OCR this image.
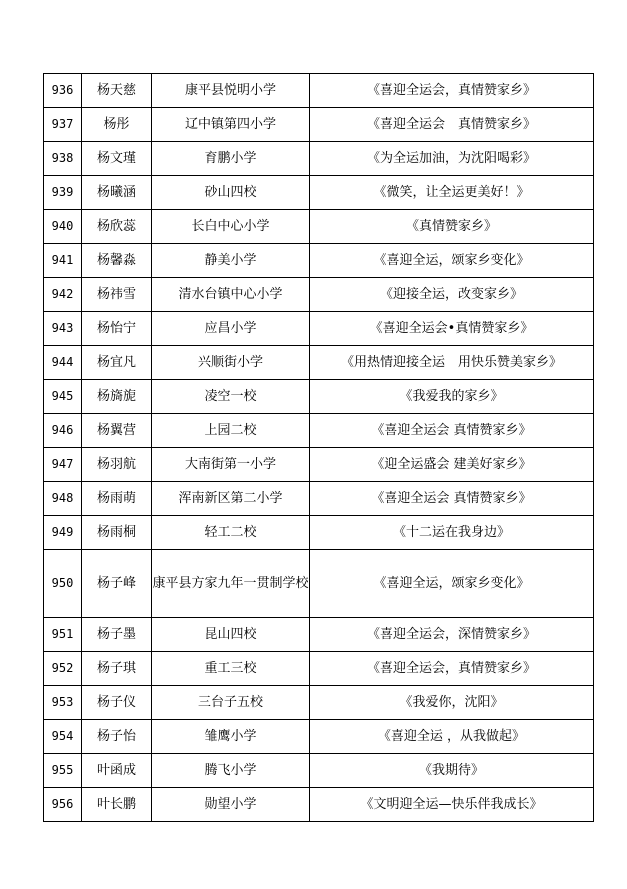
936	杨天慈	康平县悦明小学	《喜迎全运会，真情赞家乡》
937	杨彤	辽中镇第四小学	《喜迎全运会　真情赞家乡》
938	杨文瑾	育鹏小学	《为全运加油，为沈阳喝彩》
939	杨曦涵	砂山四校	《微笑，让全运更美好！》
940	杨欣蕊	长白中心小学	《真情赞家乡》
941	杨馨淼	静美小学	《喜迎全运，颂家乡变化》
942	杨祎雪	清水台镇中心小学	《迎接全运，改变家乡》
943	杨怡宁	应昌小学	《喜迎全运会•真情赞家乡》
944	杨宜凡	兴顺街小学	《用热情迎接全运　用快乐赞美家乡》
945	杨旖旎	凌空一校	《我爱我的家乡》
946	杨翼营	上园二校	《喜迎全运会 真情赞家乡》
947	杨羽航	大南街第一小学	《迎全运盛会 建美好家乡》
948	杨雨萌	浑南新区第二小学	《喜迎全运会 真情赞家乡》
949	杨雨桐	轻工二校	《十二运在我身边》
950	杨子峰	康平县方家九年一贯制学校	《喜迎全运，颂家乡变化》
951	杨子墨	昆山四校	《喜迎全运会，深情赞家乡》
952	杨子琪	重工三校	《喜迎全运会，真情赞家乡》
953	杨子仪	三台子五校	《我爱你，沈阳》
954	杨子怡	雏鹰小学	《喜迎全运 ，从我做起》
955	叶函成	腾飞小学	《我期待》
956	叶长鹏	勋望小学	《文明迎全运—快乐伴我成长》
